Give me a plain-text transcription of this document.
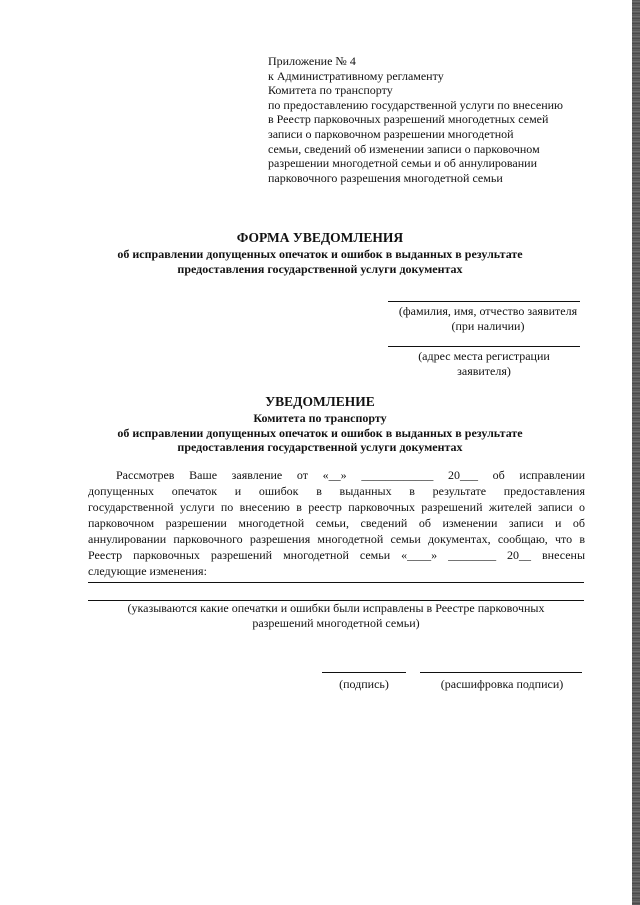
Приложение № 4
к Административному регламенту
Комитета по транспорту
по предоставлению государственной услуги по внесению
в Реестр парковочных разрешений многодетных семей
записи о парковочном разрешении многодетной
семьи, сведений об изменении записи о парковочном
разрешении многодетной семьи и об аннулировании
парковочного разрешения многодетной семьи
ФОРМА УВЕДОМЛЕНИЯ
об исправлении допущенных опечаток и ошибок в выданных в результате
предоставления государственной услуги документах
(фамилия, имя, отчество заявителя
(при наличии)
(адрес места регистрации
заявителя)
УВЕДОМЛЕНИЕ
Комитета по транспорту
об исправлении допущенных опечаток и ошибок в выданных в результате
предоставления государственной услуги документах
Рассмотрев Ваше заявление от «__» ____________ 20___ об исправлении
допущенных опечаток и ошибок в выданных в результате предоставления
государственной услуги по внесению в реестр парковочных разрешений жителей записи о
парковочном разрешении многодетной семьи, сведений об изменении записи и об
аннулировании парковочного разрешения многодетной семьи документах, сообщаю, что в
Реестр парковочных разрешений многодетной семьи «____» ________ 20__ внесены
следующие изменения:
(указываются какие опечатки и ошибки были исправлены в Реестре парковочных
разрешений многодетной семьи)
(подпись)	(расшифровка подписи)
